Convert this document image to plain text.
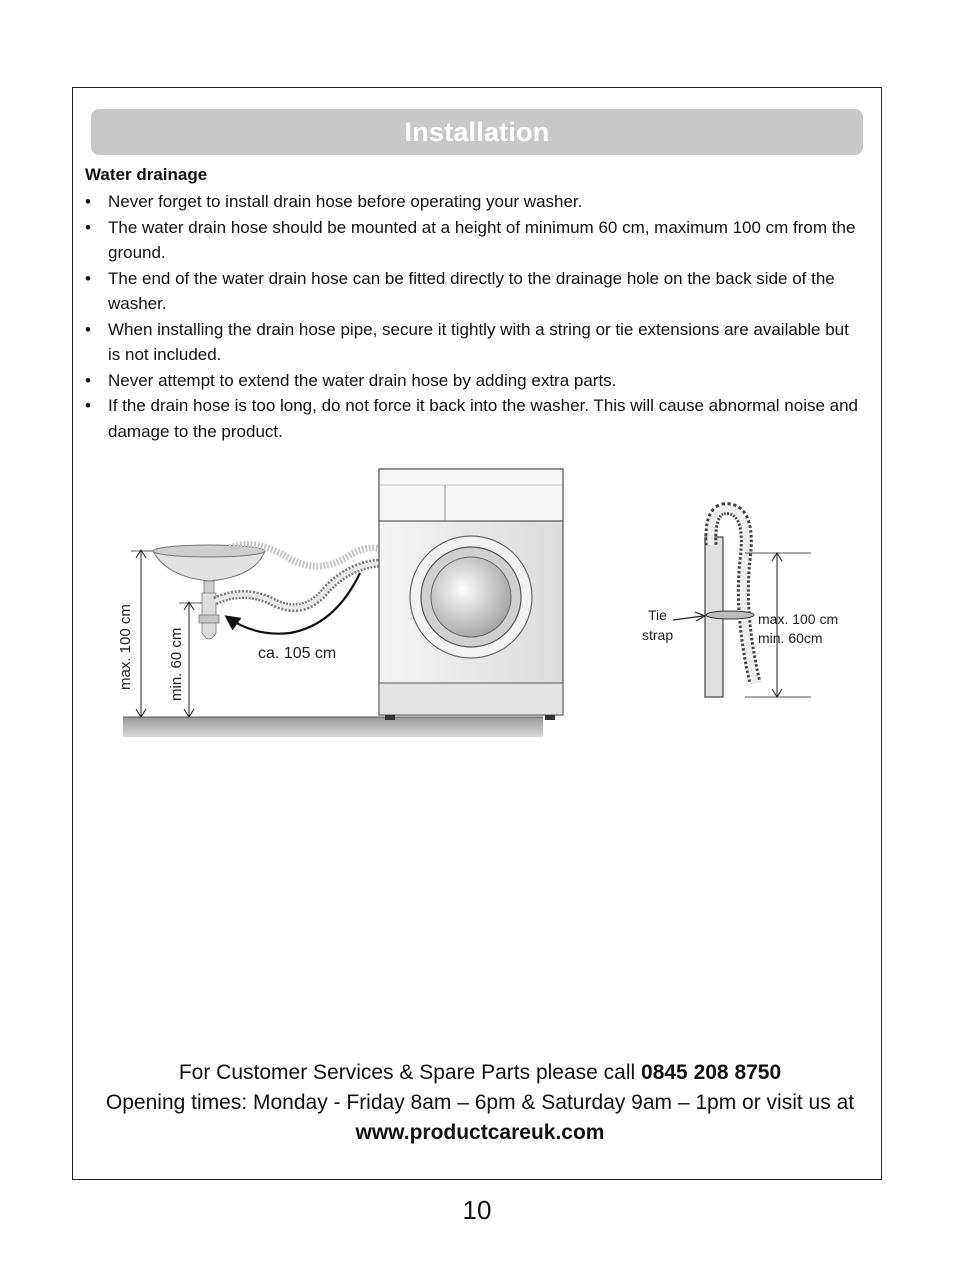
Installation
Water drainage
• Never forget to install drain hose before operating your washer.
• The water drain hose should be mounted at a height of minimum 60 cm, maximum 100 cm from the ground.
• The end of the water drain hose can be fitted directly to the drainage hole on the back side of the washer.
• When installing the drain hose pipe, secure it tightly with a string or tie extensions are available but is not included.
• Never attempt to extend the water drain hose by adding extra parts.
• If the drain hose is too long, do not force it back into the washer. This will cause abnormal noise and damage to the product.
max. 100 cm min. 60 cm	ca. 105 cm
Tie
strap
max. 100 cm
min. 60cm
For Customer Services & Spare Parts please call 0845 208 8750
Opening times: Monday - Friday 8am – 6pm & Saturday 9am – 1pm or visit us at www.productcareuk.com
10
